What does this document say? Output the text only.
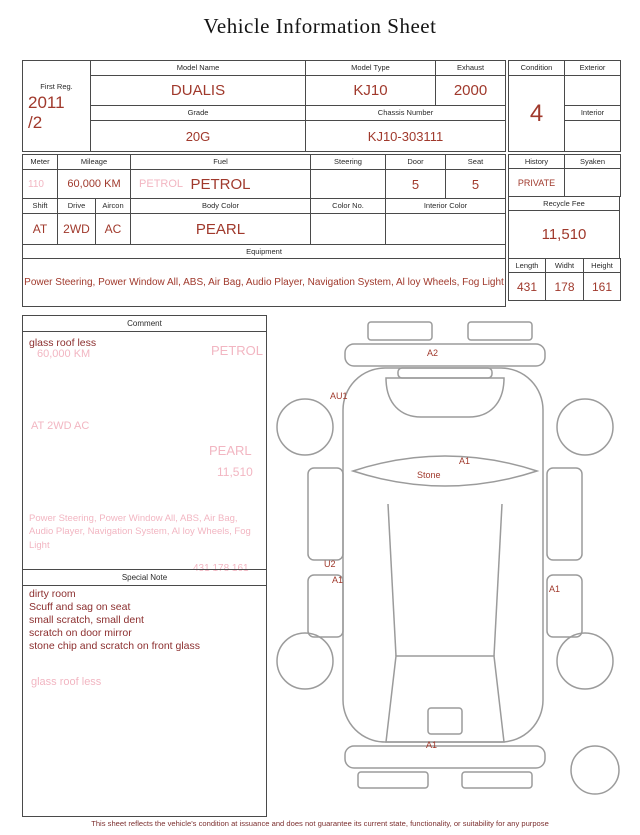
Vehicle Information Sheet
First Reg.
2011
/2	Model Name	Model Type	Exhaust
	DUALIS	KJ10	2000
	Grade	Chassis Number	
	20G	KJ10-303111	
Condition	Exterior
4	
	Interior

Meter	Mileage		Fuel	Steering	Door	Seat

110	60,000 KM		PETROL PETROL		5	5
Shift	Drive	Aircon	Body Color	Color No.	Interior Color	
AT	2WD	AC	PEARL			
Equipment						
Power Steering, Power Window All, ABS, Air Bag, Audio Player, Navigation System, Al loy Wheels, Fog Light						
History	Syaken
PRIVATE	
Recycle Fee
11,510
Length	Widht	Height
431	178	161
Comment
glass roof less
60,000 KM	PETROL
AT 2WD AC
PEARL
11,510
Power Steering, Power Window All, ABS, Air Bag, Audio Player, Navigation System, Al loy Wheels, Fog Light
431 178 161
glass roof less
Special Note
dirty room
Scuff and sag on seat
small scratch, small dent
scratch on door mirror
stone chip and scratch on front glass
A2
AU1
A1
Stone
U2
A1
A1
A1
This sheet reflects the vehicle's condition at issuance and does not guarantee its current state, functionality, or suitability for any purpose
